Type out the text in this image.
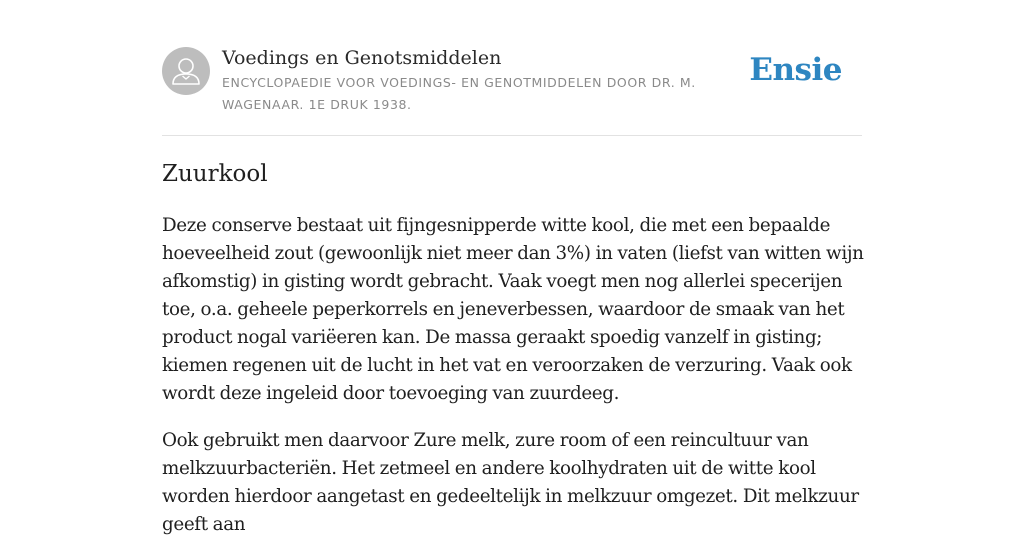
Voedings en Genotsmiddelen
ENCYCLOPAEDIE VOOR VOEDINGS- EN GENOTMIDDELEN DOOR DR. M. WAGENAAR. 1E DRUK 1938.
Ensie
Zuurkool

Deze conserve bestaat uit fijngesnipperde witte kool, die met een bepaalde hoeveelheid zout (gewoonlijk niet meer dan 3%) in vaten (liefst van witten wijn afkomstig) in gisting wordt gebracht. Vaak voegt men nog allerlei specerijen toe, o.a. geheele peperkorrels en jeneverbessen, waardoor de smaak van het product nogal variëeren kan. De massa geraakt spoedig vanzelf in gisting; kiemen regenen uit de lucht in het vat en veroorzaken de verzuring. Vaak ook wordt deze ingeleid door toevoeging van zuurdeeg.

Ook gebruikt men daarvoor Zure melk, zure room of een reincultuur van melkzuurbacteriën. Het zetmeel en andere koolhydraten uit de witte kool worden hierdoor aangetast en gedeeltelijk in melkzuur omgezet. Dit melkzuur geeft aan
